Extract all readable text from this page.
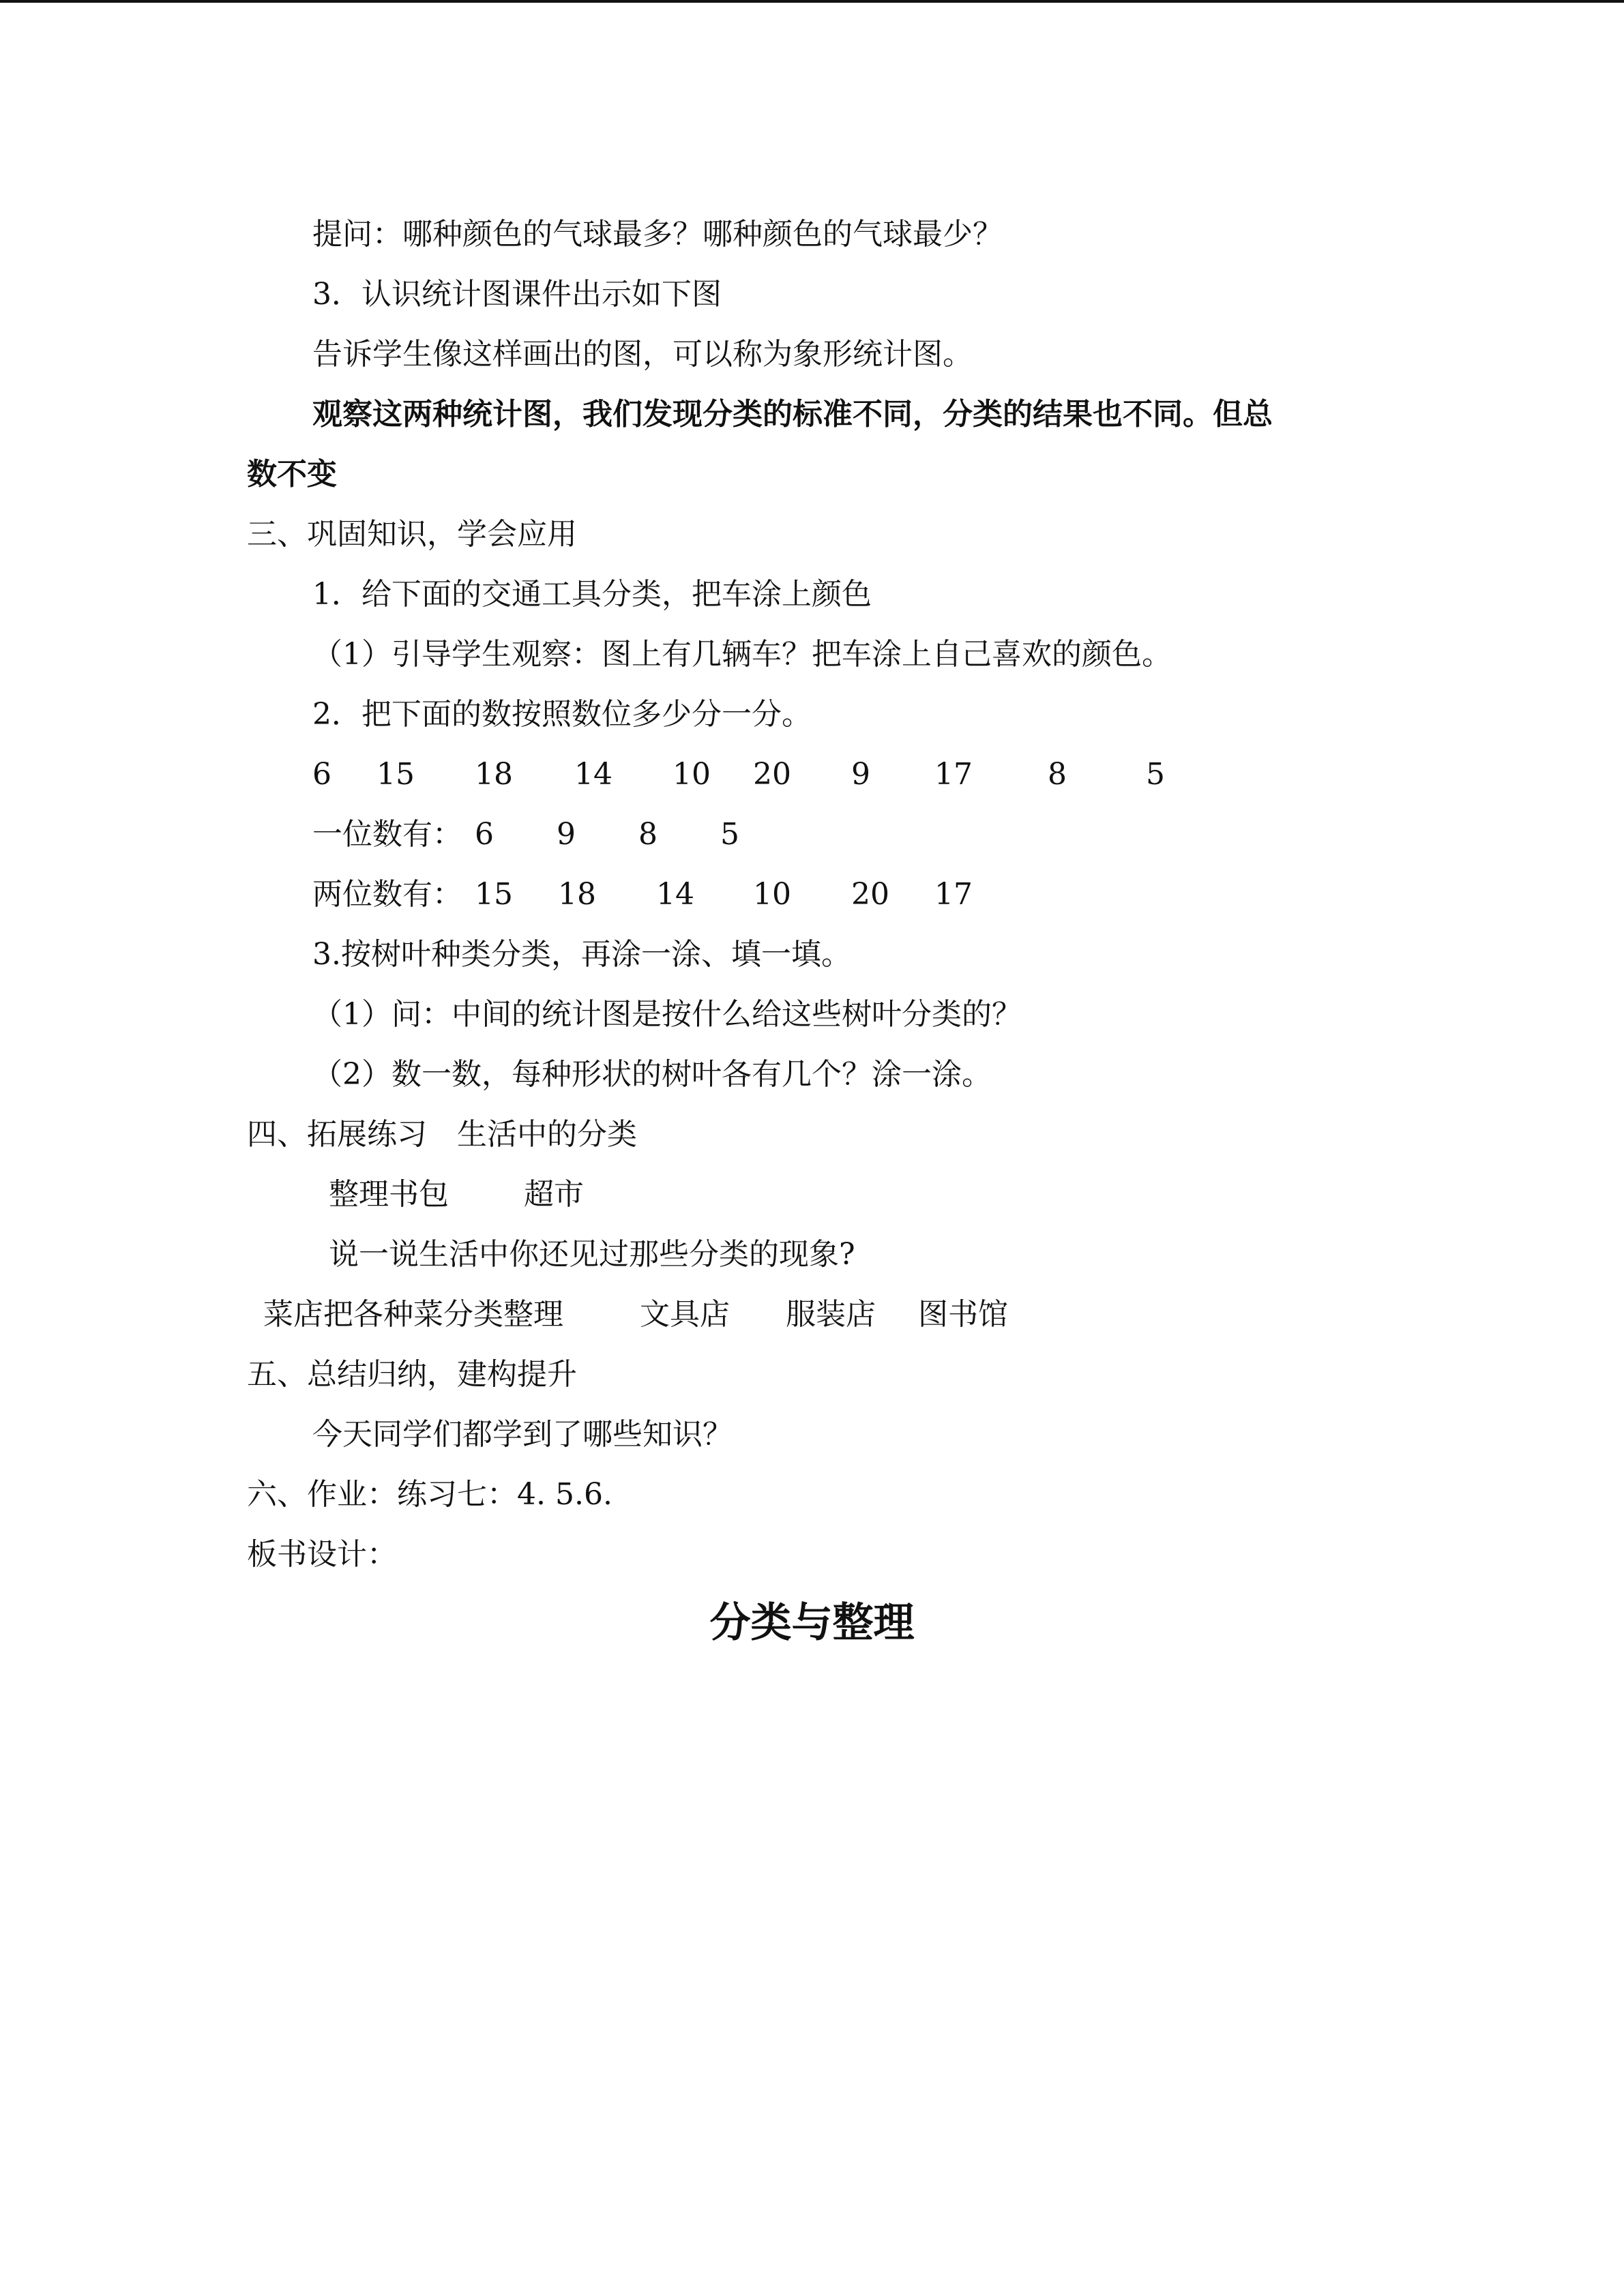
提问：哪种颜色的气球最多？哪种颜色的气球最少？
3．认识统计图课件出示如下图
告诉学生像这样画出的图，可以称为象形统计图。
观察这两种统计图，我们发现分类的标准不同，分类的结果也不同。但总
数不变
三、巩固知识，学会应用
1．给下面的交通工具分类，把车涂上颜色
（1）引导学生观察：图上有几辆车？把车涂上自己喜欢的颜色。
2．把下面的数按照数位多少分一分。
6 15 18 14 10 20 9 17	8	5
一位数有： 6 9 8 5
两位数有： 15 18 14 10 20 17
3.按树叶种类分类，再涂一涂、填一填。
（1）问：中间的统计图是按什么给这些树叶分类的？
（2）数一数，每种形状的树叶各有几个？涂一涂。
四、拓展练习　生活中的分类
整理书包	超市
说一说生活中你还见过那些分类的现象?
菜店把各种菜分类整理	文具店 服装店 图书馆
五、总结归纳，建构提升
今天同学们都学到了哪些知识？
六、作业：练习七：4. 5.6.
板书设计：
分类与整理
